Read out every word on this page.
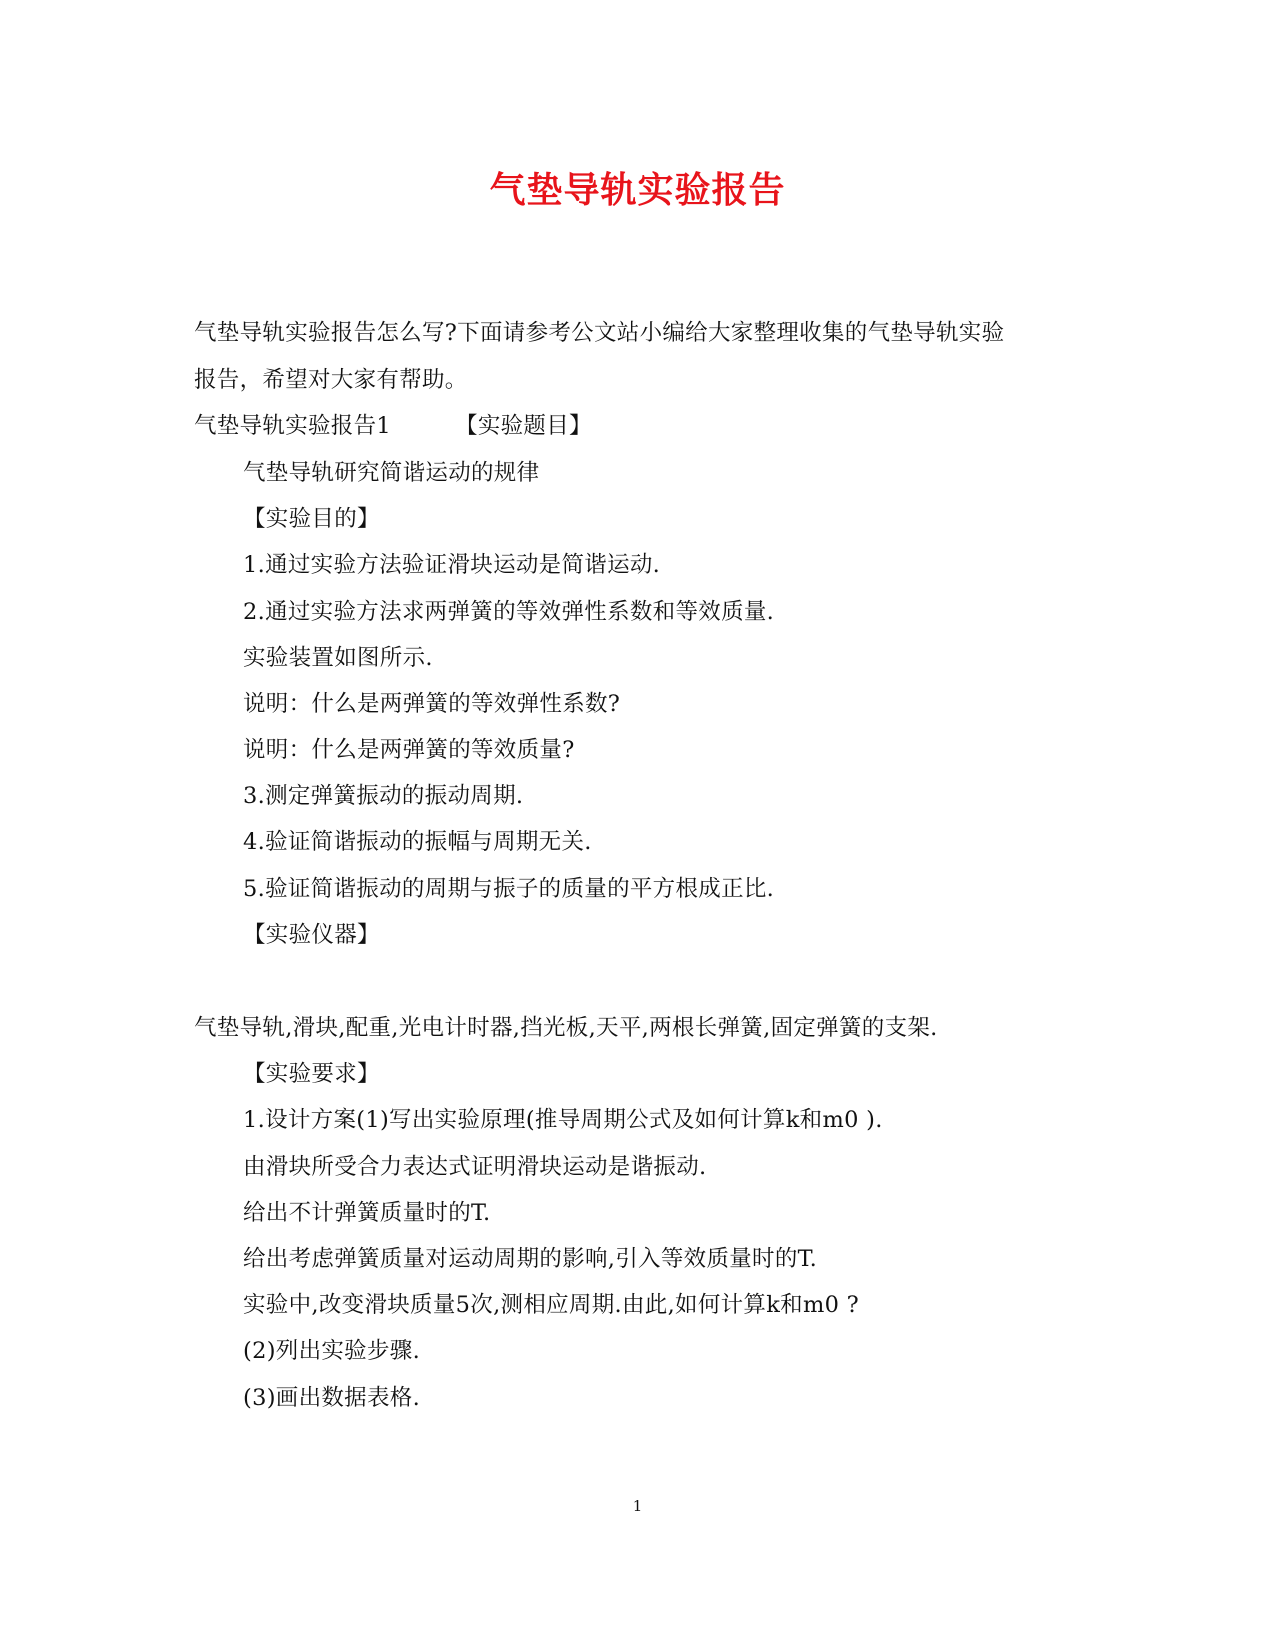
气垫导轨实验报告
气垫导轨实验报告怎么写?下面请参考公文站小编给大家整理收集的气垫导轨实验
报告，希望对大家有帮助。
气垫导轨实验报告1	【实验题目】
气垫导轨研究简谐运动的规律
【实验目的】
1.通过实验方法验证滑块运动是简谐运动.
2.通过实验方法求两弹簧的等效弹性系数和等效质量.
实验装置如图所示.
说明：什么是两弹簧的等效弹性系数?
说明：什么是两弹簧的等效质量?
3.测定弹簧振动的振动周期.
4.验证简谐振动的振幅与周期无关.
5.验证简谐振动的周期与振子的质量的平方根成正比.
【实验仪器】
气垫导轨,滑块,配重,光电计时器,挡光板,天平,两根长弹簧,固定弹簧的支架.
【实验要求】
1.设计方案(1)写出实验原理(推导周期公式及如何计算k和m0 ).
由滑块所受合力表达式证明滑块运动是谐振动.
给出不计弹簧质量时的T.
给出考虑弹簧质量对运动周期的影响,引入等效质量时的T.
实验中,改变滑块质量5次,测相应周期.由此,如何计算k和m0 ?
(2)列出实验步骤.
(3)画出数据表格.
1
